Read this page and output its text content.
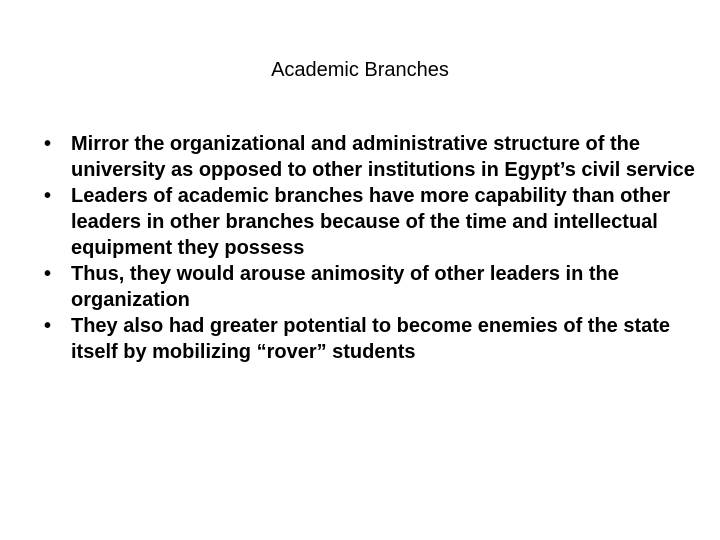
Academic Branches
• Mirror the organizational and administrative structure of the university as opposed to other institutions in Egypt’s civil service
• Leaders of academic branches have more capability than other leaders in other branches because of the time and intellectual equipment they possess
• Thus, they would arouse animosity of other leaders in the organization
• They also had greater potential to become enemies of the state itself by mobilizing “rover” students
